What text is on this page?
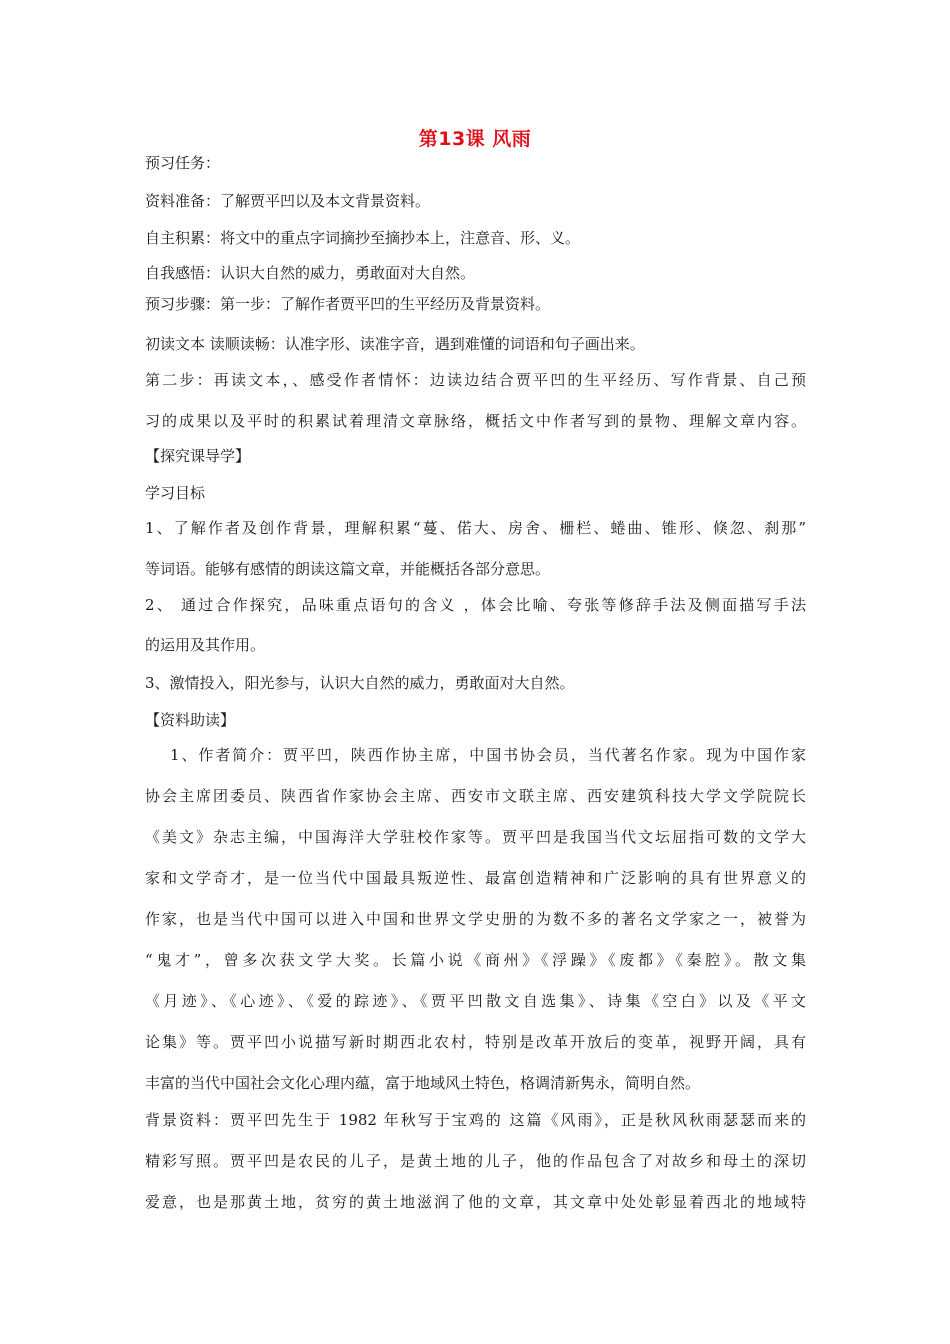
第13课 风雨
预习任务：
资料准备：了解贾平凹以及本文背景资料。
自主积累：将文中的重点字词摘抄至摘抄本上，注意音、形、义。
自我感悟：认识大自然的威力，勇敢面对大自然。
预习步骤：第一步：了解作者贾平凹的生平经历及背景资料。
初读文本 读顺读畅：认准字形、读准字音，遇到难懂的词语和句子画出来。
第二步：再读文本，、感受作者情怀：边读边结合贾平凹的生平经历、写作背景、自己预
习的成果以及平时的积累试着理清文章脉络，概括文中作者写到的景物、理解文章内容。
【探究课导学】
学习目标
1、了解作者及创作背景，理解积累“蔓、偌大、房舍、栅栏、蜷曲、锥形、倏忽、刹那”
等词语。能够有感情的朗读这篇文章，并能概括各部分意思。
2、 通过合作探究，品味重点语句的含义 ，体会比喻、夸张等修辞手法及侧面描写手法
的运用及其作用。
3、激情投入，阳光参与，认识大自然的威力，勇敢面对大自然。
【资料助读】
1、作者简介：贾平凹，陕西作协主席，中国书协会员，当代著名作家。现为中国作家
协会主席团委员、陕西省作家协会主席、西安市文联主席、西安建筑科技大学文学院院长
《美文》杂志主编，中国海洋大学驻校作家等。贾平凹是我国当代文坛屈指可数的文学大
家和文学奇才，是一位当代中国最具叛逆性、最富创造精神和广泛影响的具有世界意义的
作家，也是当代中国可以进入中国和世界文学史册的为数不多的著名文学家之一，被誉为
“鬼才”，曾多次获文学大奖。长篇小说《商州》《浮躁》《废都》《秦腔》。散文集
《月迹》、《心迹》、《爱的踪迹》、《贾平凹散文自选集》、诗集《空白》以及《平文
论集》等。贾平凹小说描写新时期西北农村，特别是改革开放后的变革，视野开阔，具有
丰富的当代中国社会文化心理内蕴，富于地域风土特色，格调清新隽永，简明自然。
背景资料：贾平凹先生于 1982 年秋写于宝鸡的 这篇《风雨》，正是秋风秋雨瑟瑟而来的
精彩写照。贾平凹是农民的儿子，是黄土地的儿子，他的作品包含了对故乡和母土的深切
爱意，也是那黄土地，贫穷的黄土地滋润了他的文章，其文章中处处彰显着西北的地域特
